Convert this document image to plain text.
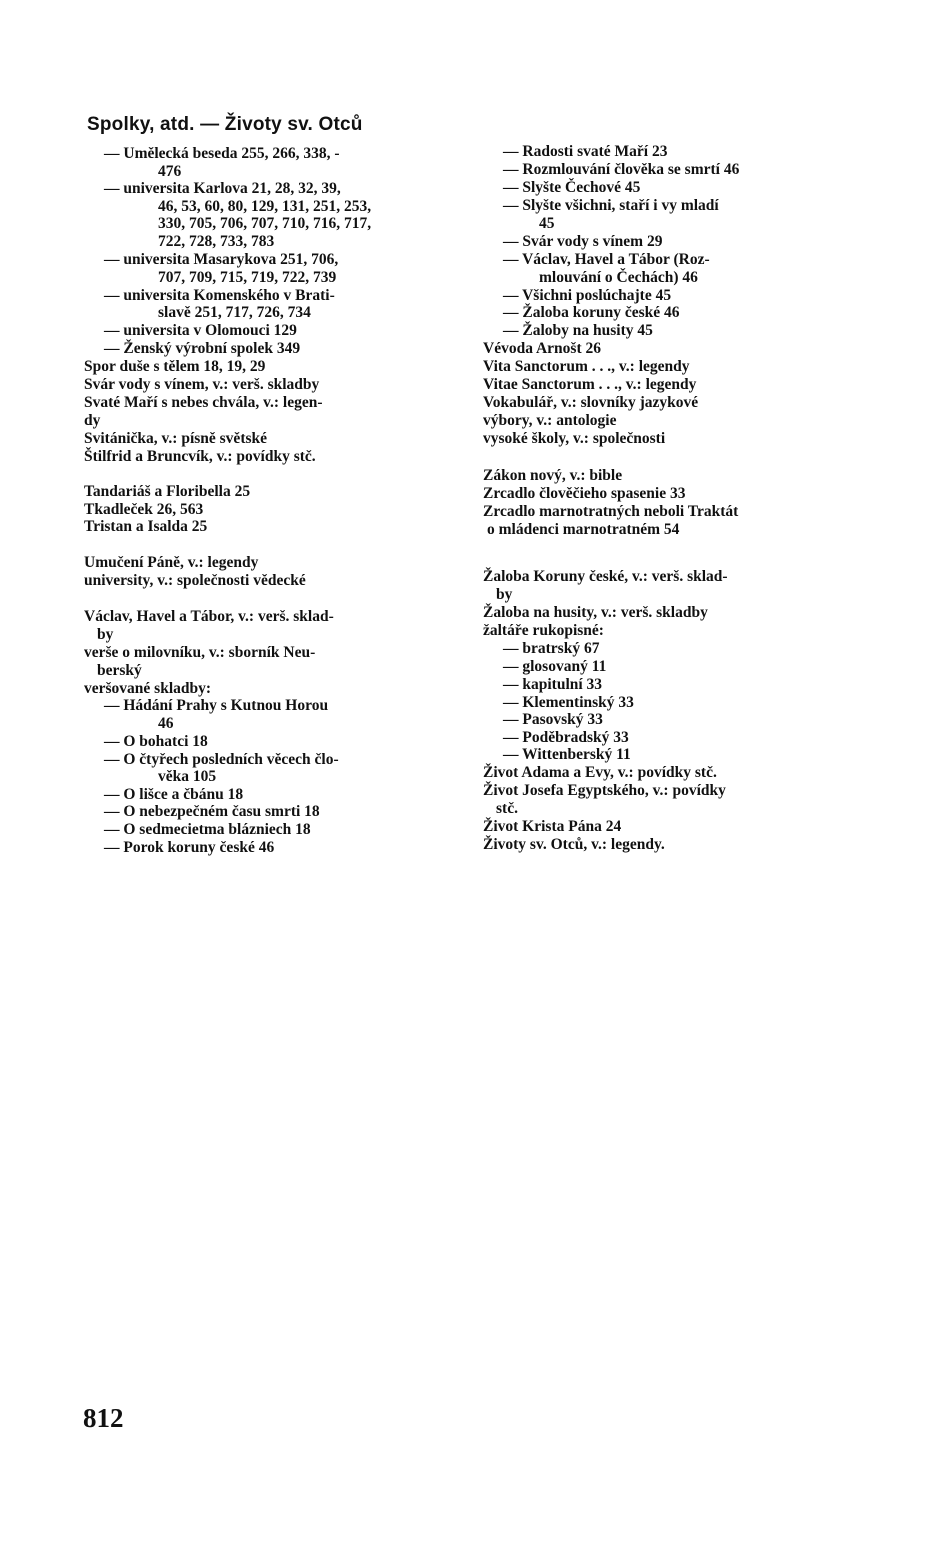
Spolky, atd. — Životy sv. Otců
— Umělecká beseda 255, 266, 338, -
476
— universita Karlova 21, 28, 32, 39,
46, 53, 60, 80, 129, 131, 251, 253,
330, 705, 706, 707, 710, 716, 717,
722, 728, 733, 783
— universita Masarykova 251, 706,
707, 709, 715, 719, 722, 739
— universita Komenského v Brati-
slavě 251, 717, 726, 734
— universita v Olomouci 129
— Ženský výrobní spolek 349
Spor duše s tělem 18, 19, 29
Svár vody s vínem, v.: verš. skladby
Svaté Maří s nebes chvála, v.: legen-
dy
Svitánička, v.: písně světské
Štilfrid a Bruncvík, v.: povídky stč.
Tandariáš a Floribella 25
Tkadleček 26, 563
Tristan a Isalda 25
Umučení Páně, v.: legendy
university, v.: společnosti vědecké
Václav, Havel a Tábor, v.: verš. sklad-
by
verše o milovníku, v.: sborník Neu-
berský
veršované skladby:
— Hádání Prahy s Kutnou Horou
46
— O bohatci 18
— O čtyřech posledních věcech člo-
věka 105
— O lišce a čbánu 18
— O nebezpečném času smrti 18
— O sedmecietma blázniech 18
— Porok koruny české 46
— Radosti svaté Maří 23
— Rozmlouvání člověka se smrtí 46
— Slyšte Čechové 45
— Slyšte všichni, staří i vy mladí
45
— Svár vody s vínem 29
— Václav, Havel a Tábor (Roz-
mlouvání o Čechách) 46
— Všichni poslúchajte 45
— Žaloba koruny české 46
— Žaloby na husity 45
Vévoda Arnošt 26
Vita Sanctorum . . ., v.: legendy
Vitae Sanctorum . . ., v.: legendy
Vokabulář, v.: slovníky jazykové
výbory, v.: antologie
vysoké školy, v.: společnosti
Zákon nový, v.: bible
Zrcadlo člověčieho spasenie 33
Zrcadlo marnotratných neboli Traktát
o mládenci marnotratném 54
Žaloba Koruny české, v.: verš. sklad-
by
Žaloba na husity, v.: verš. skladby
žaltáře rukopisné:
— bratrský 67
— glosovaný 11
— kapitulní 33
— Klementinský 33
— Pasovský 33
— Poděbradský 33
— Wittenberský 11
Život Adama a Evy, v.: povídky stč.
Život Josefa Egyptského, v.: povídky
stč.
Život Krista Pána 24
Životy sv. Otců, v.: legendy.
812
